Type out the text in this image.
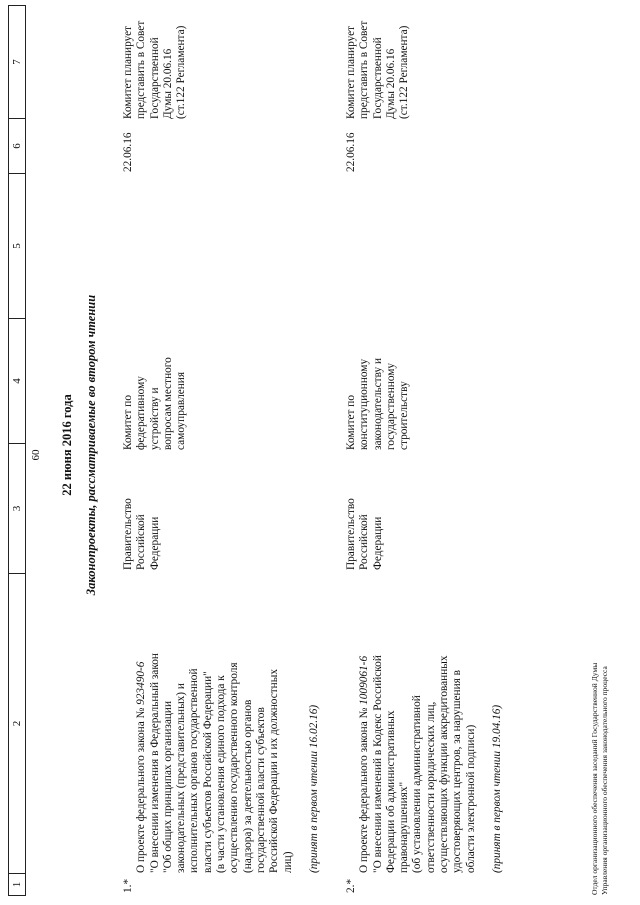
1
2
3
4
5
6
7
60 22 июня 2016 года Законопроекты, рассматриваемые во втором чтении
1.*

О проекте федерального закона № 923490-6

"О внесении изменения в Федеральный закон
"Об общих принципах организации
законодательных (представительных) и
исполнительных органов государственной
власти субъектов Российской Федерации"
(в части установления единого подхода к
осуществлению государственного контроля
(надзора) за деятельностью органов
государственной власти субъектов
Российской Федерации и их должностных
лиц) (принят в первом чтении 16.02.16)

Правительство
Российской
Федерации
Комитет по
федеративному
устройству и
вопросам местного
самоуправления
22.06.16
Комитет планирует
представить в Совет
Государственной
Думы 20.06.16
(ст.122 Регламента)
2.*

О проекте федерального закона № 1009061-6

"О внесении изменений в Кодекс Российской
Федерации об административных
правонарушениях"
(об установлении административной
ответственности юридических лиц,
осуществляющих функции аккредитованных
удостоверяющих центров, за нарушения в
области электронной подписи) (принят в первом чтении 19.04.16)

Правительство
Российской
Федерации
Комитет по
конституционному
законодательству и
государственному
строительству
22.06.16
Комитет планирует
представить в Совет
Государственной
Думы 20.06.16
(ст.122 Регламента)
Отдел организационного обеспечения заседаний Государственной Думы Управления организационного обеспечения законодательного процесса
